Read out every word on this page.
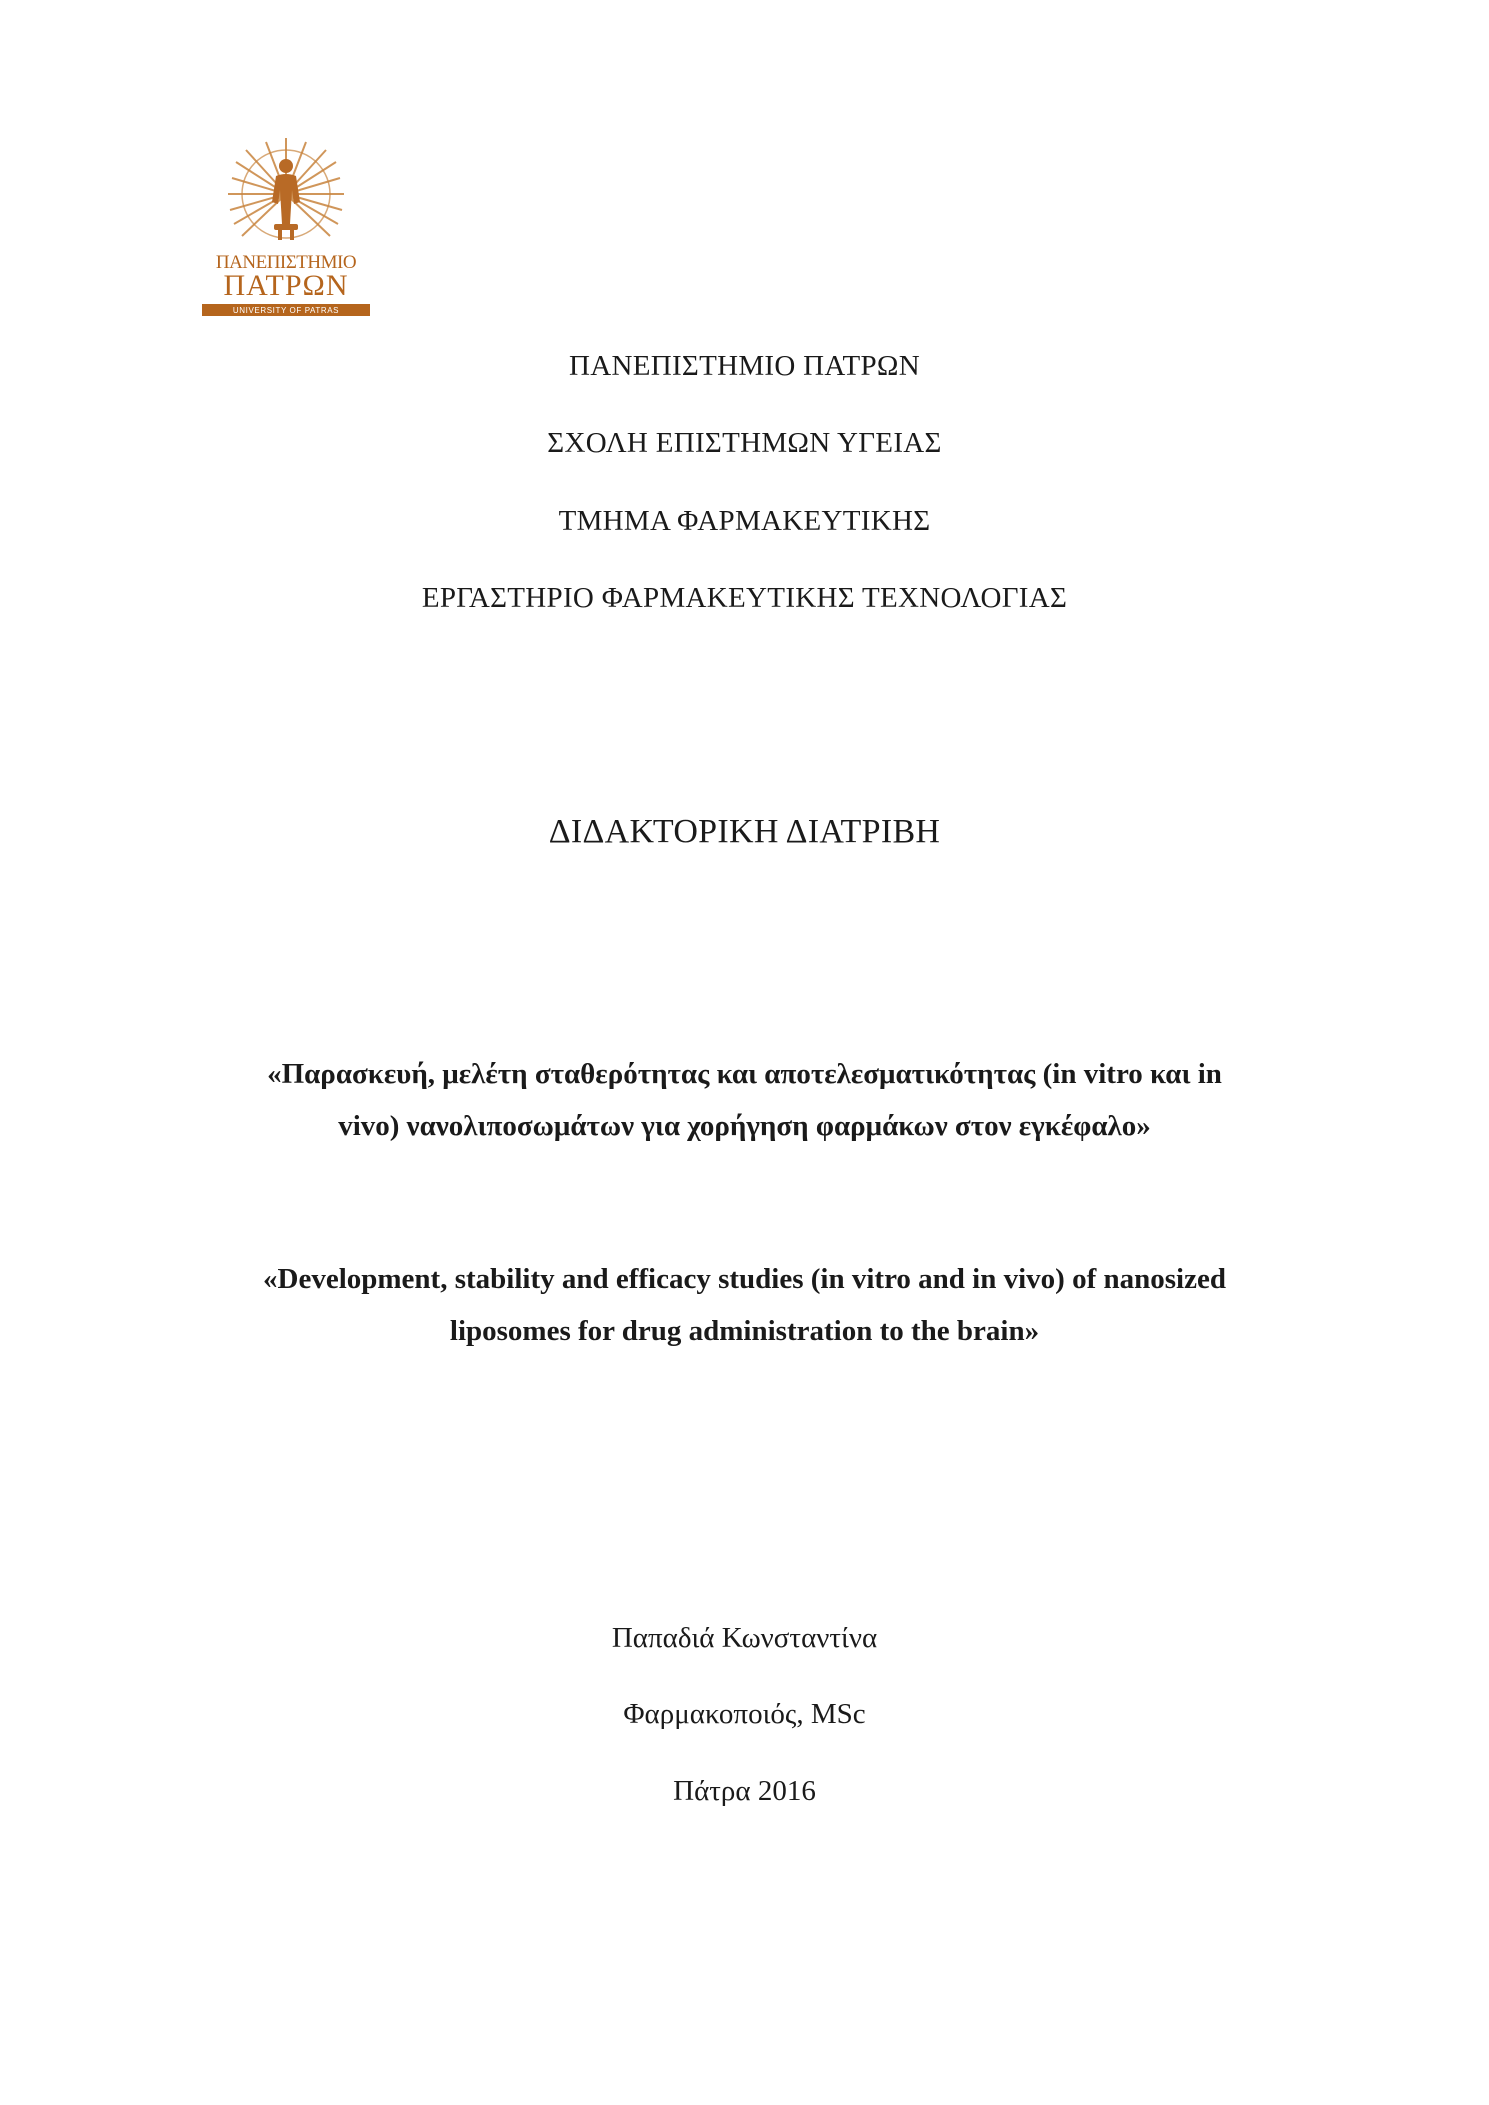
ΠΑΝΕΠΙΣΤΗΜΙΟ
ΠΑΤΡΩΝ
UNIVERSITY OF PATRAS
ΠΑΝΕΠΙΣΤΗΜΙΟ ΠΑΤΡΩΝ
ΣΧΟΛΗ ΕΠΙΣΤΗΜΩΝ ΥΓΕΙΑΣ
ΤΜΗΜΑ ΦΑΡΜΑΚΕΥΤΙΚΗΣ
ΕΡΓΑΣΤΗΡΙΟ ΦΑΡΜΑΚΕΥΤΙΚΗΣ ΤΕΧΝΟΛΟΓΙΑΣ
ΔΙΔΑΚΤΟΡΙΚΗ ΔΙΑΤΡΙΒΗ
«Παρασκευή, μελέτη σταθερότητας και αποτελεσματικότητας (in vitro και in
vivo) νανολιποσωμάτων για χορήγηση φαρμάκων στον εγκέφαλο»
«Development, stability and efficacy studies (in vitro and in vivo) of nanosized
liposomes for drug administration to the brain»
Παπαδιά Κωνσταντίνα
Φαρμακοποιός, MSc
Πάτρα 2016
